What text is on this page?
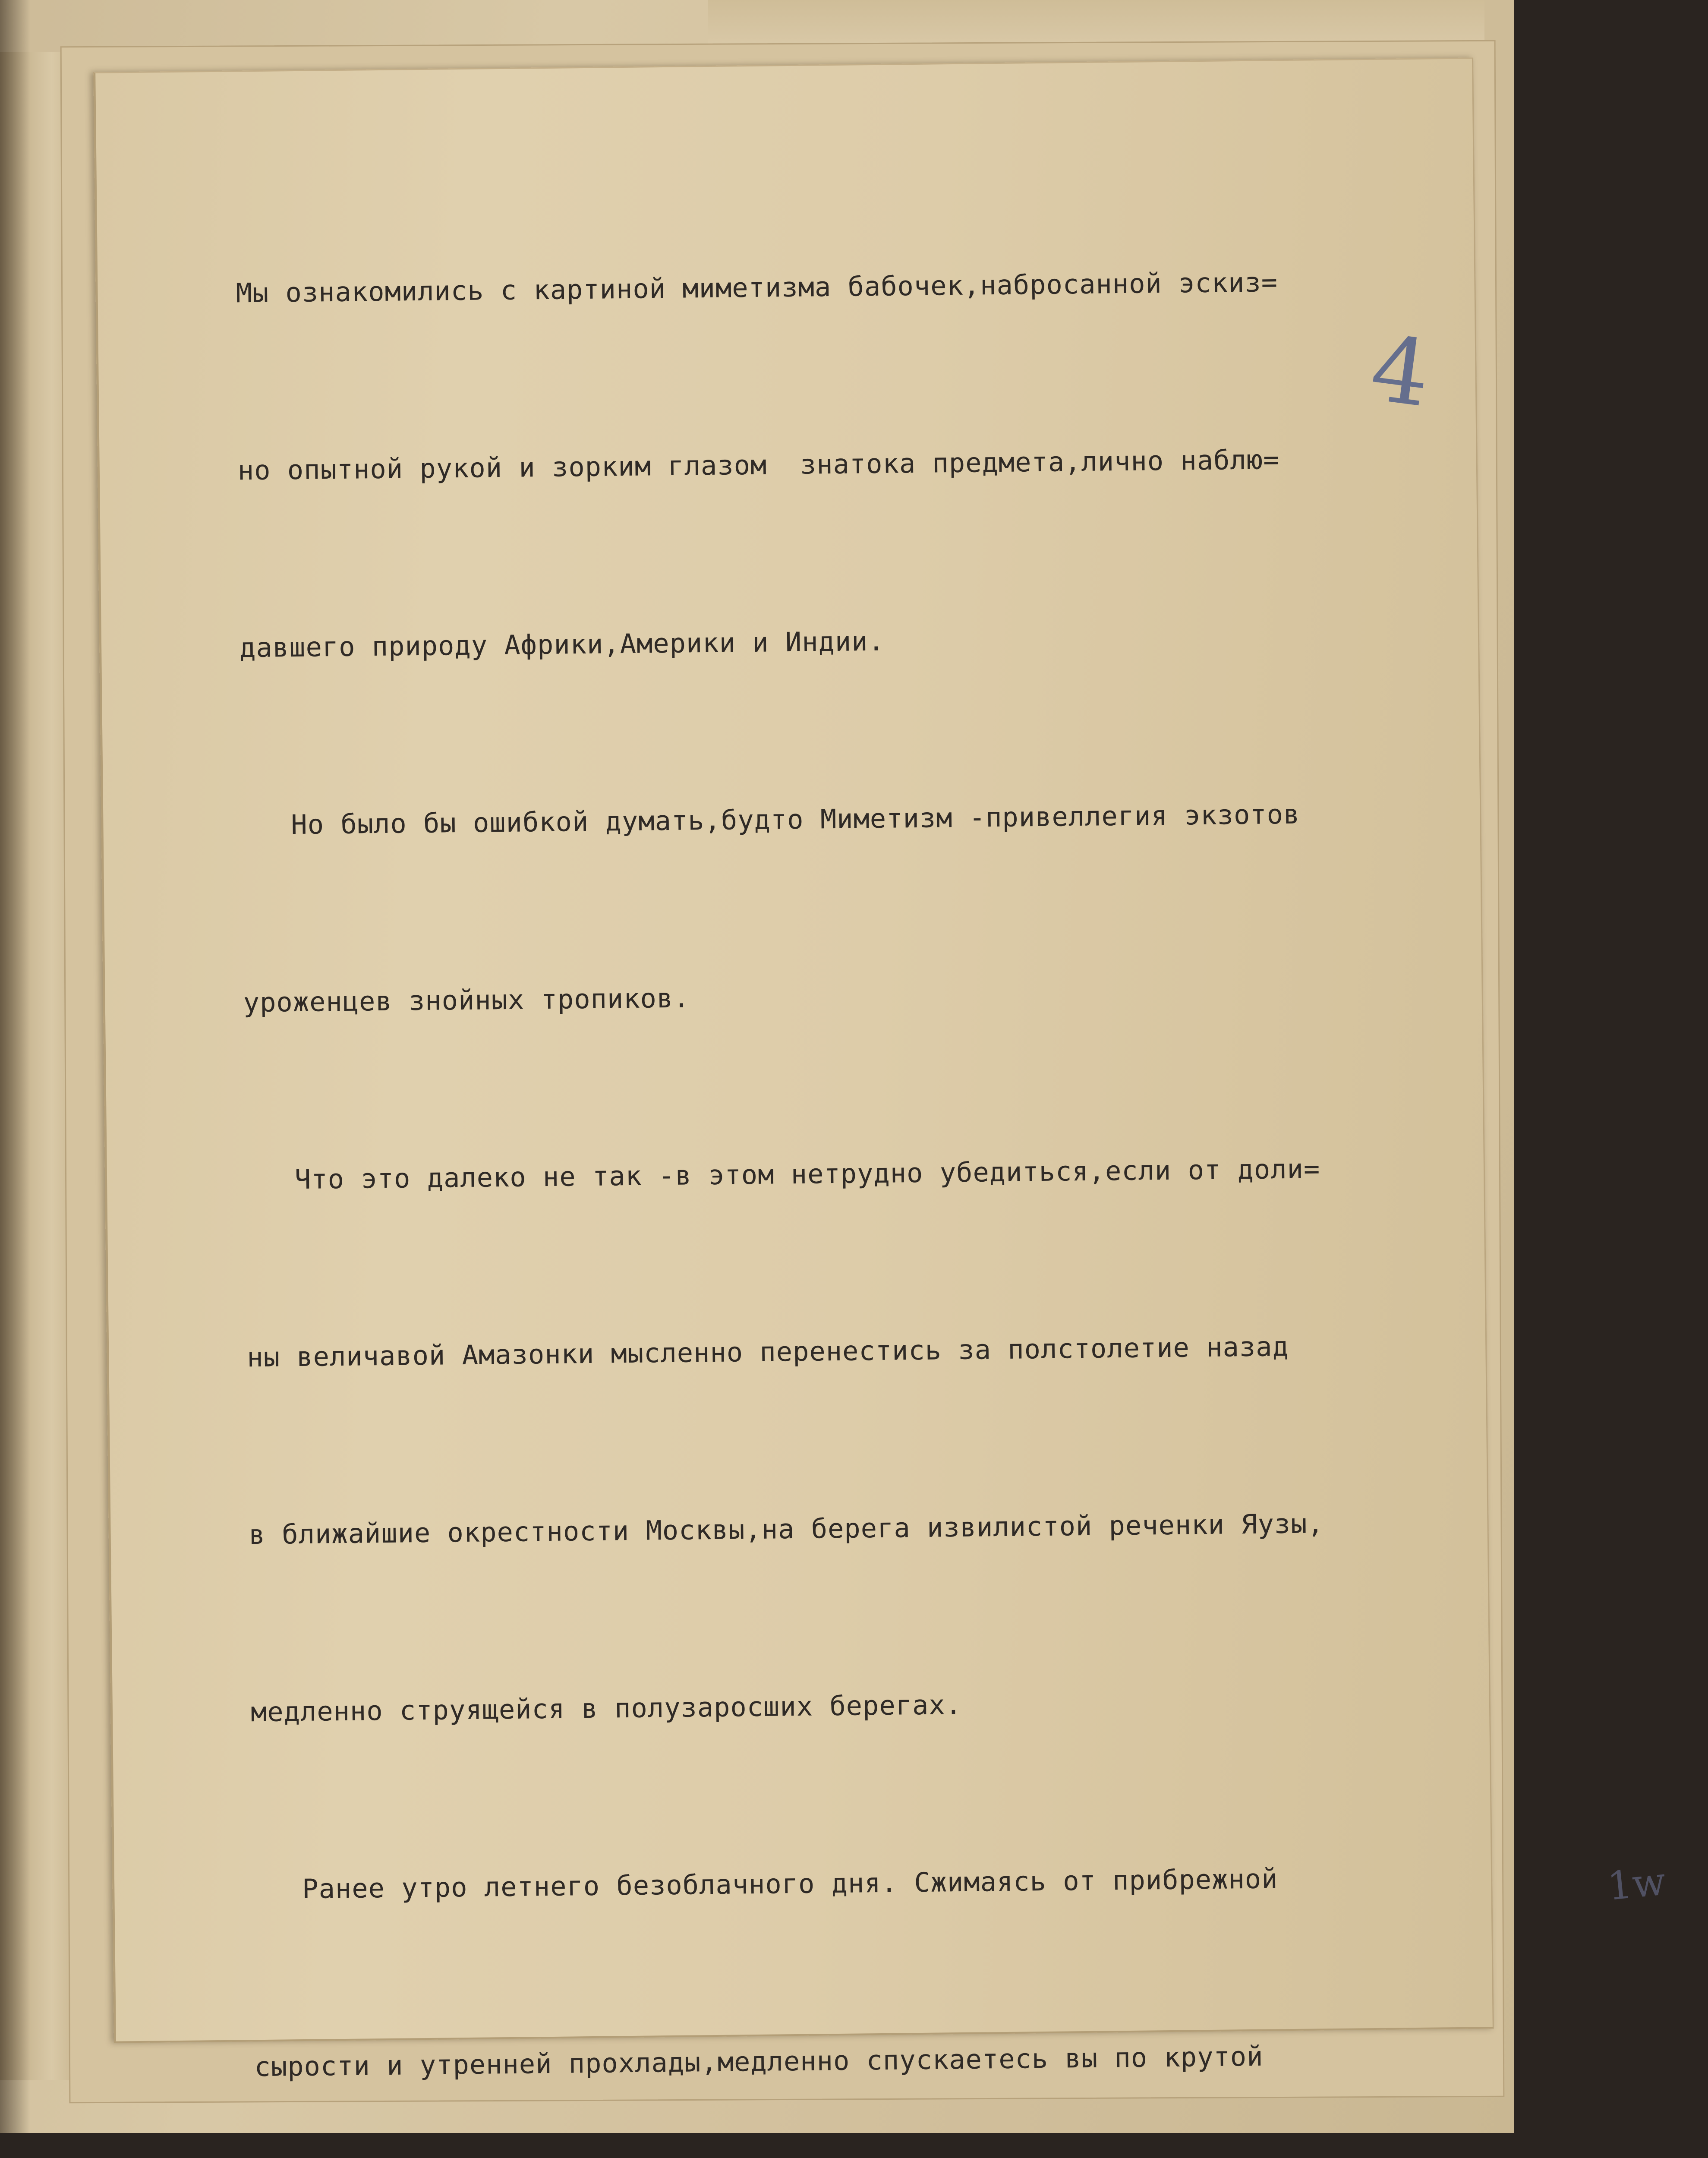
4
1w

Мы ознакомились с картиной миметизма бабочек,набросанной эскиз=

но опытной рукой и зорким глазом  знатока предмета,лично наблю=

давшего природу Африки,Америки и Индии.

Но было бы ошибкой думать,будто Миметизм -привеллегия экзотов

уроженцев знойных тропиков.

Что это далеко не так -в этом нетрудно убедиться,если от доли=

ны величавой Амазонки мысленно перенестись за полстолетие назад

в ближайшие окрестности Москвы,на берега извилистой реченки Яузы,

медленно струящейся в полузаросших берегах.

Ранее утро летнего безоблачного дня. Сжимаясь от прибрежной

сырости и утренней прохлады,медленно спускаетесь вы по крутой
